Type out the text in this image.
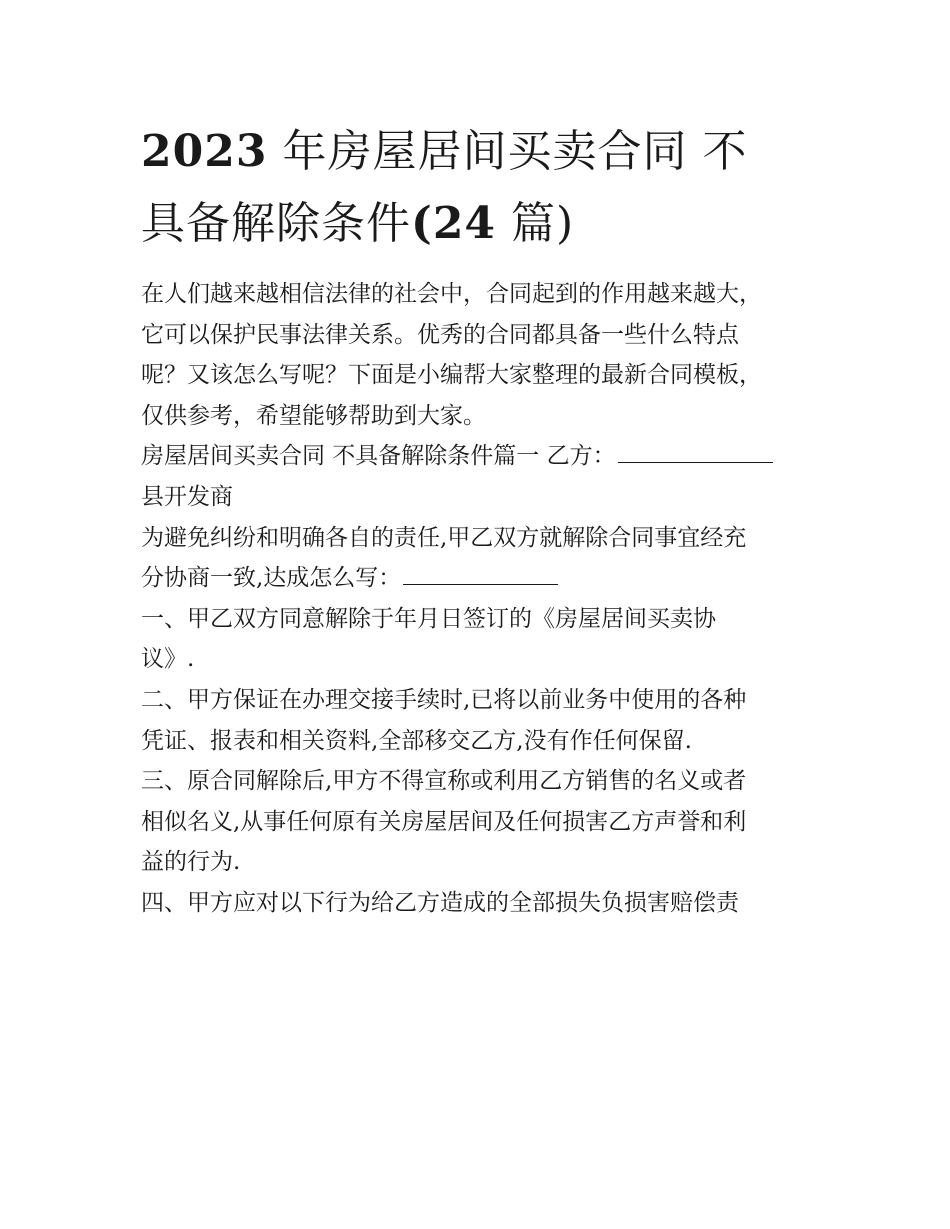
2023 年房屋居间买卖合同 不
具备解除条件(24 篇)

在人们越来越相信法律的社会中，合同起到的作用越来越大，
它可以保护民事法律关系。优秀的合同都具备一些什么特点
呢？又该怎么写呢？下面是小编帮大家整理的最新合同模板，
仅供参考，希望能够帮助到大家。

房屋居间买卖合同 不具备解除条件篇一 乙方：
县开发商

为避免纠纷和明确各自的责任,甲乙双方就解除合同事宜经充
分协商一致,达成怎么写：

一、甲乙双方同意解除于年月日签订的《房屋居间买卖协
议》.

二、甲方保证在办理交接手续时,已将以前业务中使用的各种
凭证、报表和相关资料,全部移交乙方,没有作任何保留.

三、原合同解除后,甲方不得宣称或利用乙方销售的名义或者
相似名义,从事任何原有关房屋居间及任何损害乙方声誉和利
益的行为.

四、甲方应对以下行为给乙方造成的全部损失负损害赔偿责
